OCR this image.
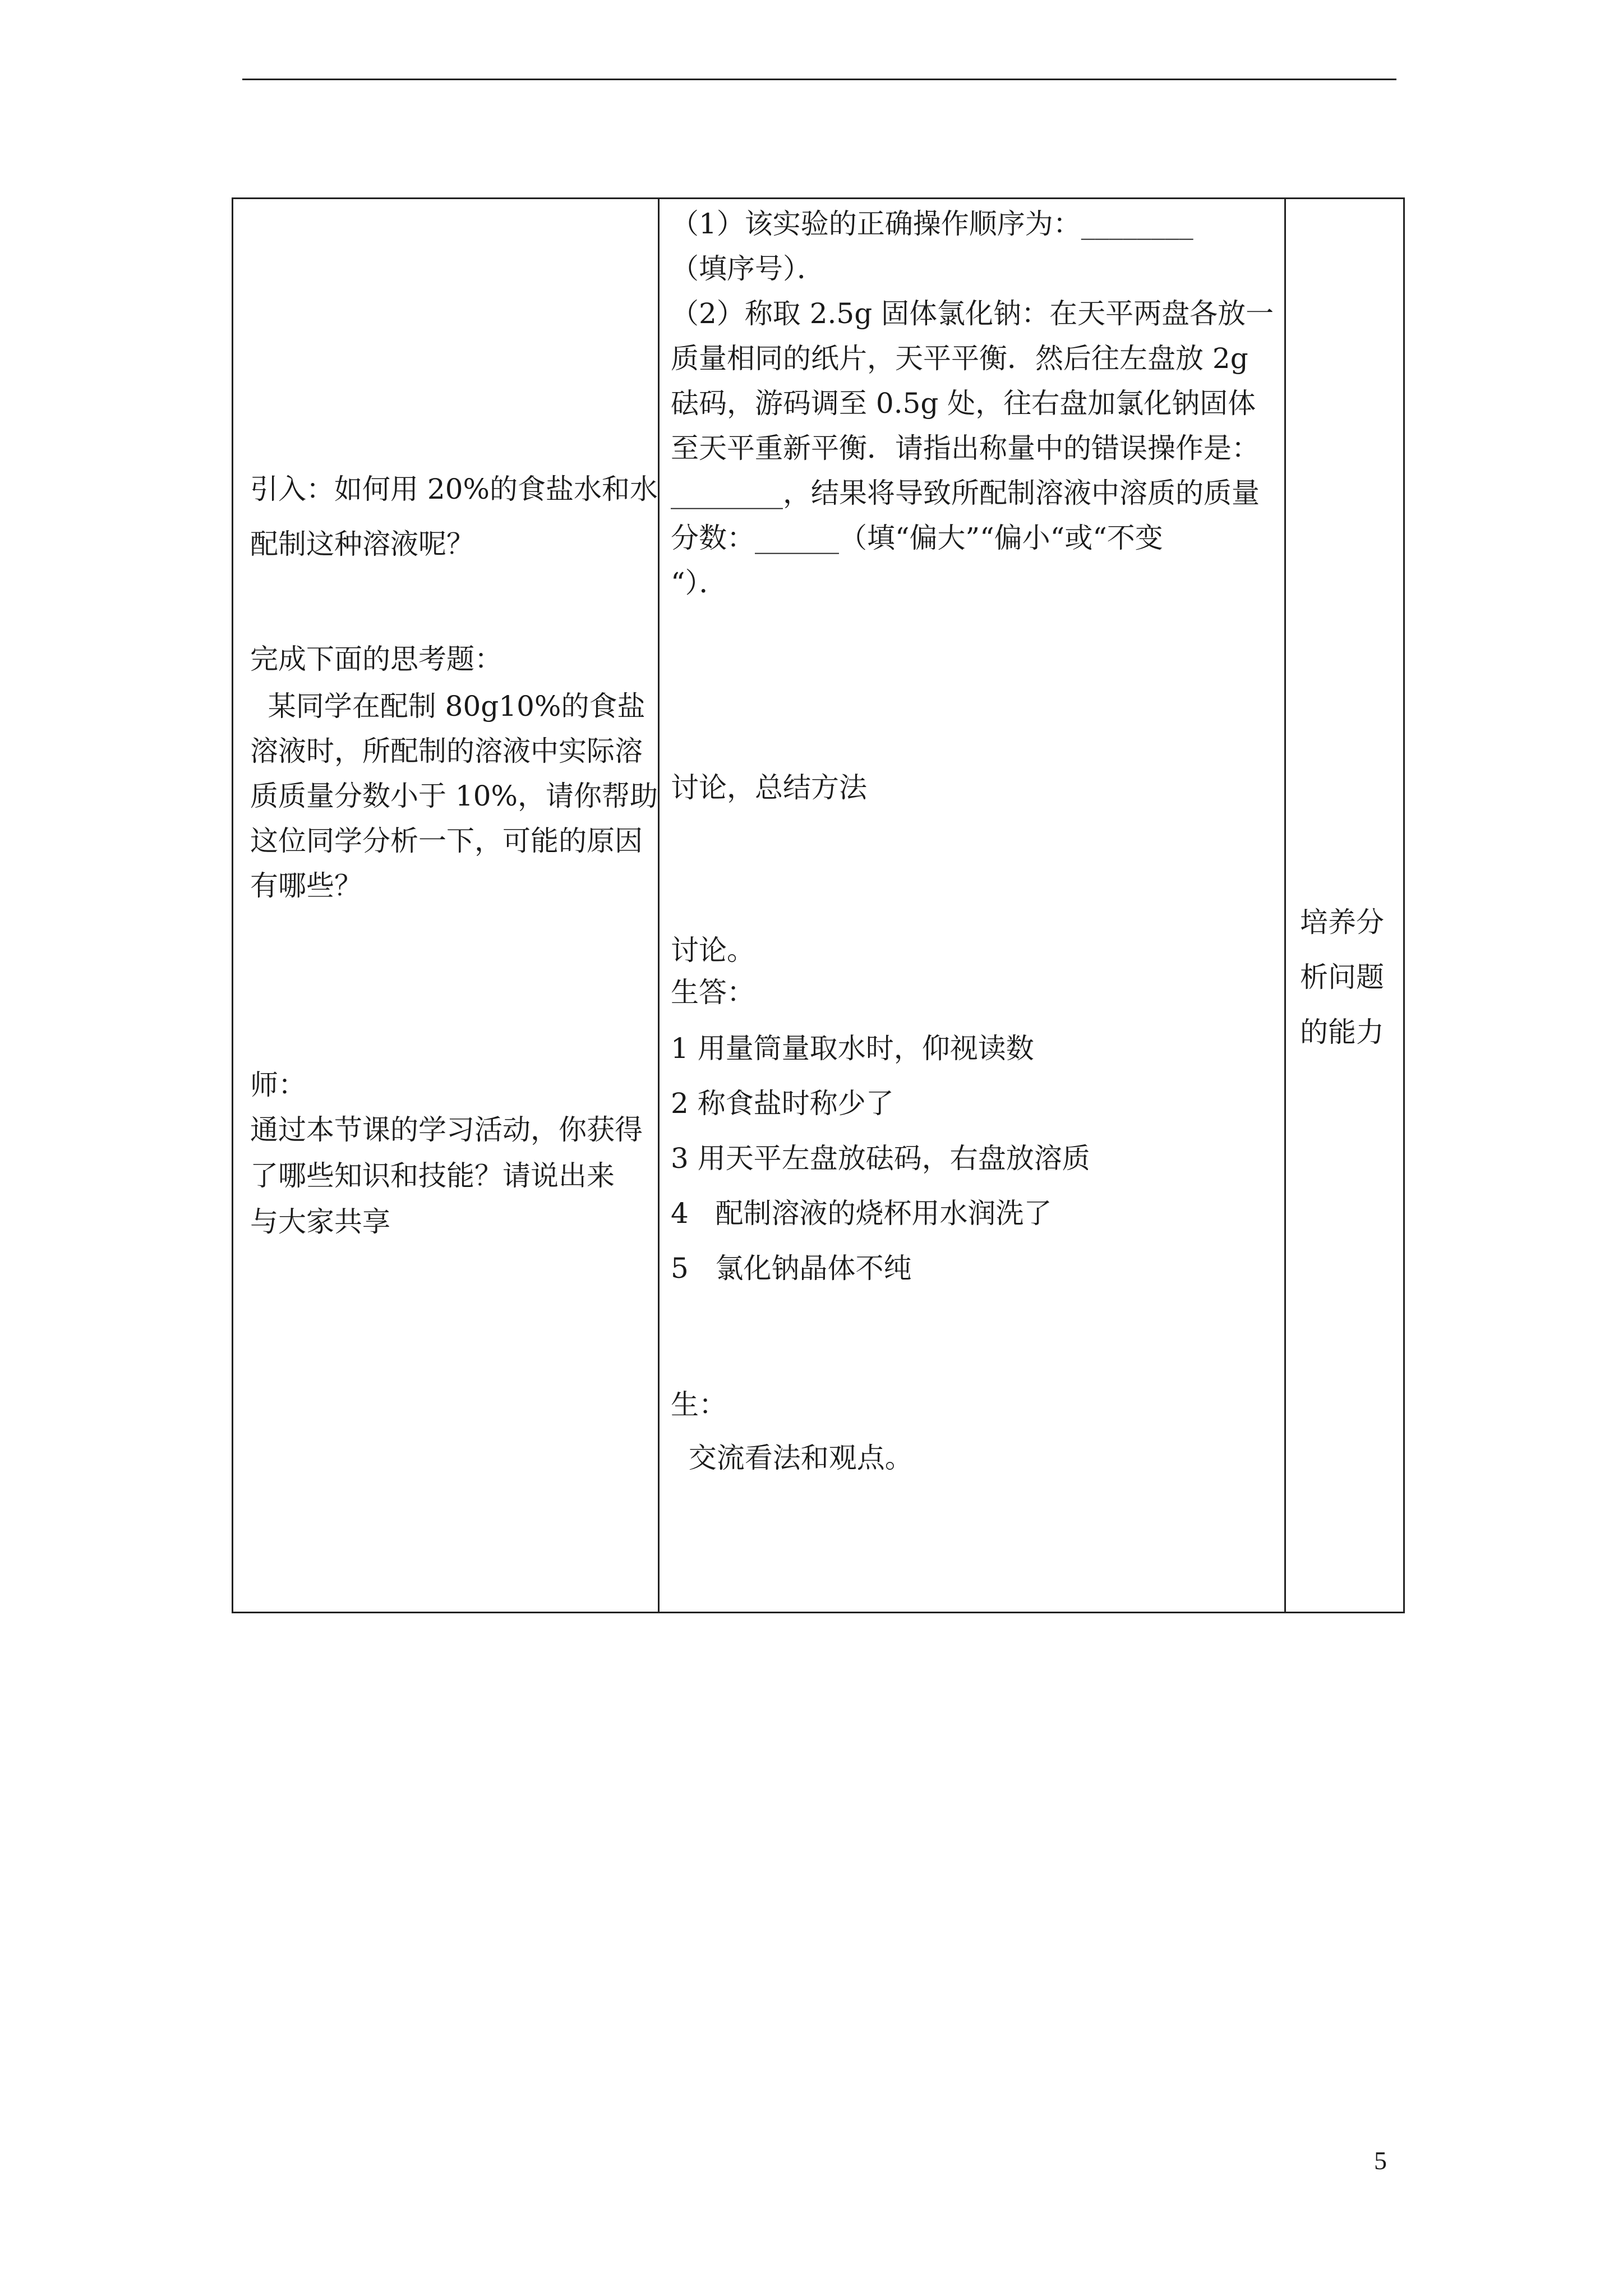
引入：如何用 20%的食盐水和水
配制这种溶液呢？
完成下面的思考题：
某同学在配制 80g10%的食盐
溶液时，所配制的溶液中实际溶
质质量分数小于 10%，请你帮助
这位同学分析一下，可能的原因
有哪些？
师：
通过本节课的学习活动，你获得
了哪些知识和技能？请说出来
与大家共享
（1）该实验的正确操作顺序为：________
（填序号）．
（2）称取 2.5g 固体氯化钠：在天平两盘各放一
质量相同的纸片，天平平衡．然后往左盘放 2g
砝码，游码调至 0.5g 处，往右盘加氯化钠固体
至天平重新平衡．请指出称量中的错误操作是：
________，结果将导致所配制溶液中溶质的质量
分数：______（填“偏大”“偏小“或“不变
“）．
讨论，总结方法
讨论。
生答：
1 用量筒量取水时，仰视读数
2 称食盐时称少了
3 用天平左盘放砝码，右盘放溶质
4   配制溶液的烧杯用水润洗了
5   氯化钠晶体不纯
生：
交流看法和观点。
培养分
析问题
的能力
5
